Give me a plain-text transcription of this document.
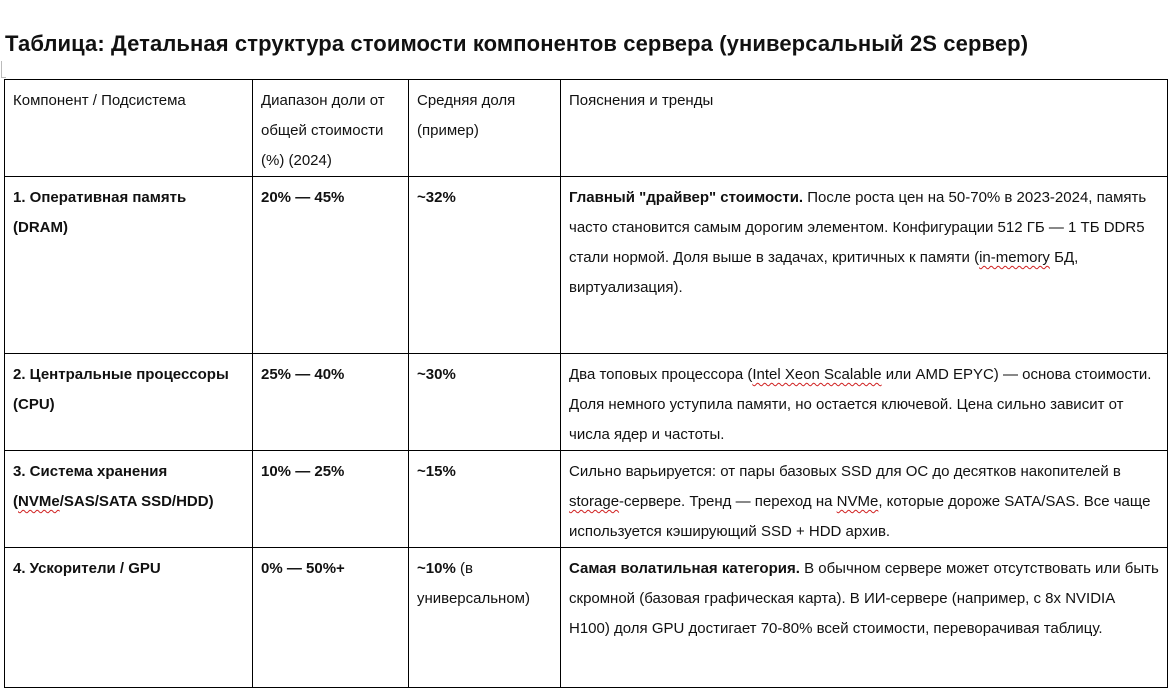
Таблица: Детальная структура стоимости компонентов сервера (универсальный 2S сервер)
Компонент / Подсистема	Диапазон доли от общей стоимости (%) (2024)	Средняя доля (пример)	Пояснения и тренды
1. Оперативная память (DRAM)	20% — 45%	~32%	Главный "драйвер" стоимости. После роста цен на 50-70% в 2023-2024, память часто становится самым дорогим элементом. Конфигурации 512 ГБ — 1 ТБ DDR5 стали нормой. Доля выше в задачах, критичных к памяти (in-memory БД, виртуализация).
2. Центральные процессоры (CPU)	25% — 40%	~30%	Два топовых процессора (Intel Xeon Scalable или AMD EPYC) — основа стоимости. Доля немного уступила памяти, но остается ключевой. Цена сильно зависит от числа ядер и частоты.
3. Система хранения (NVMe/SAS/SATA SSD/HDD)	10% — 25%	~15%	Сильно варьируется: от пары базовых SSD для ОС до десятков накопителей в storage-сервере. Тренд — переход на NVMe, которые дороже SATA/SAS. Все чаще используется кэширующий SSD + HDD архив.
4. Ускорители / GPU	0% — 50%+	~10% (в универсальном)	Самая волатильная категория. В обычном сервере может отсутствовать или быть скромной (базовая графическая карта). В ИИ-сервере (например, с 8x NVIDIA H100) доля GPU достигает 70-80% всей стоимости, переворачивая таблицу.
